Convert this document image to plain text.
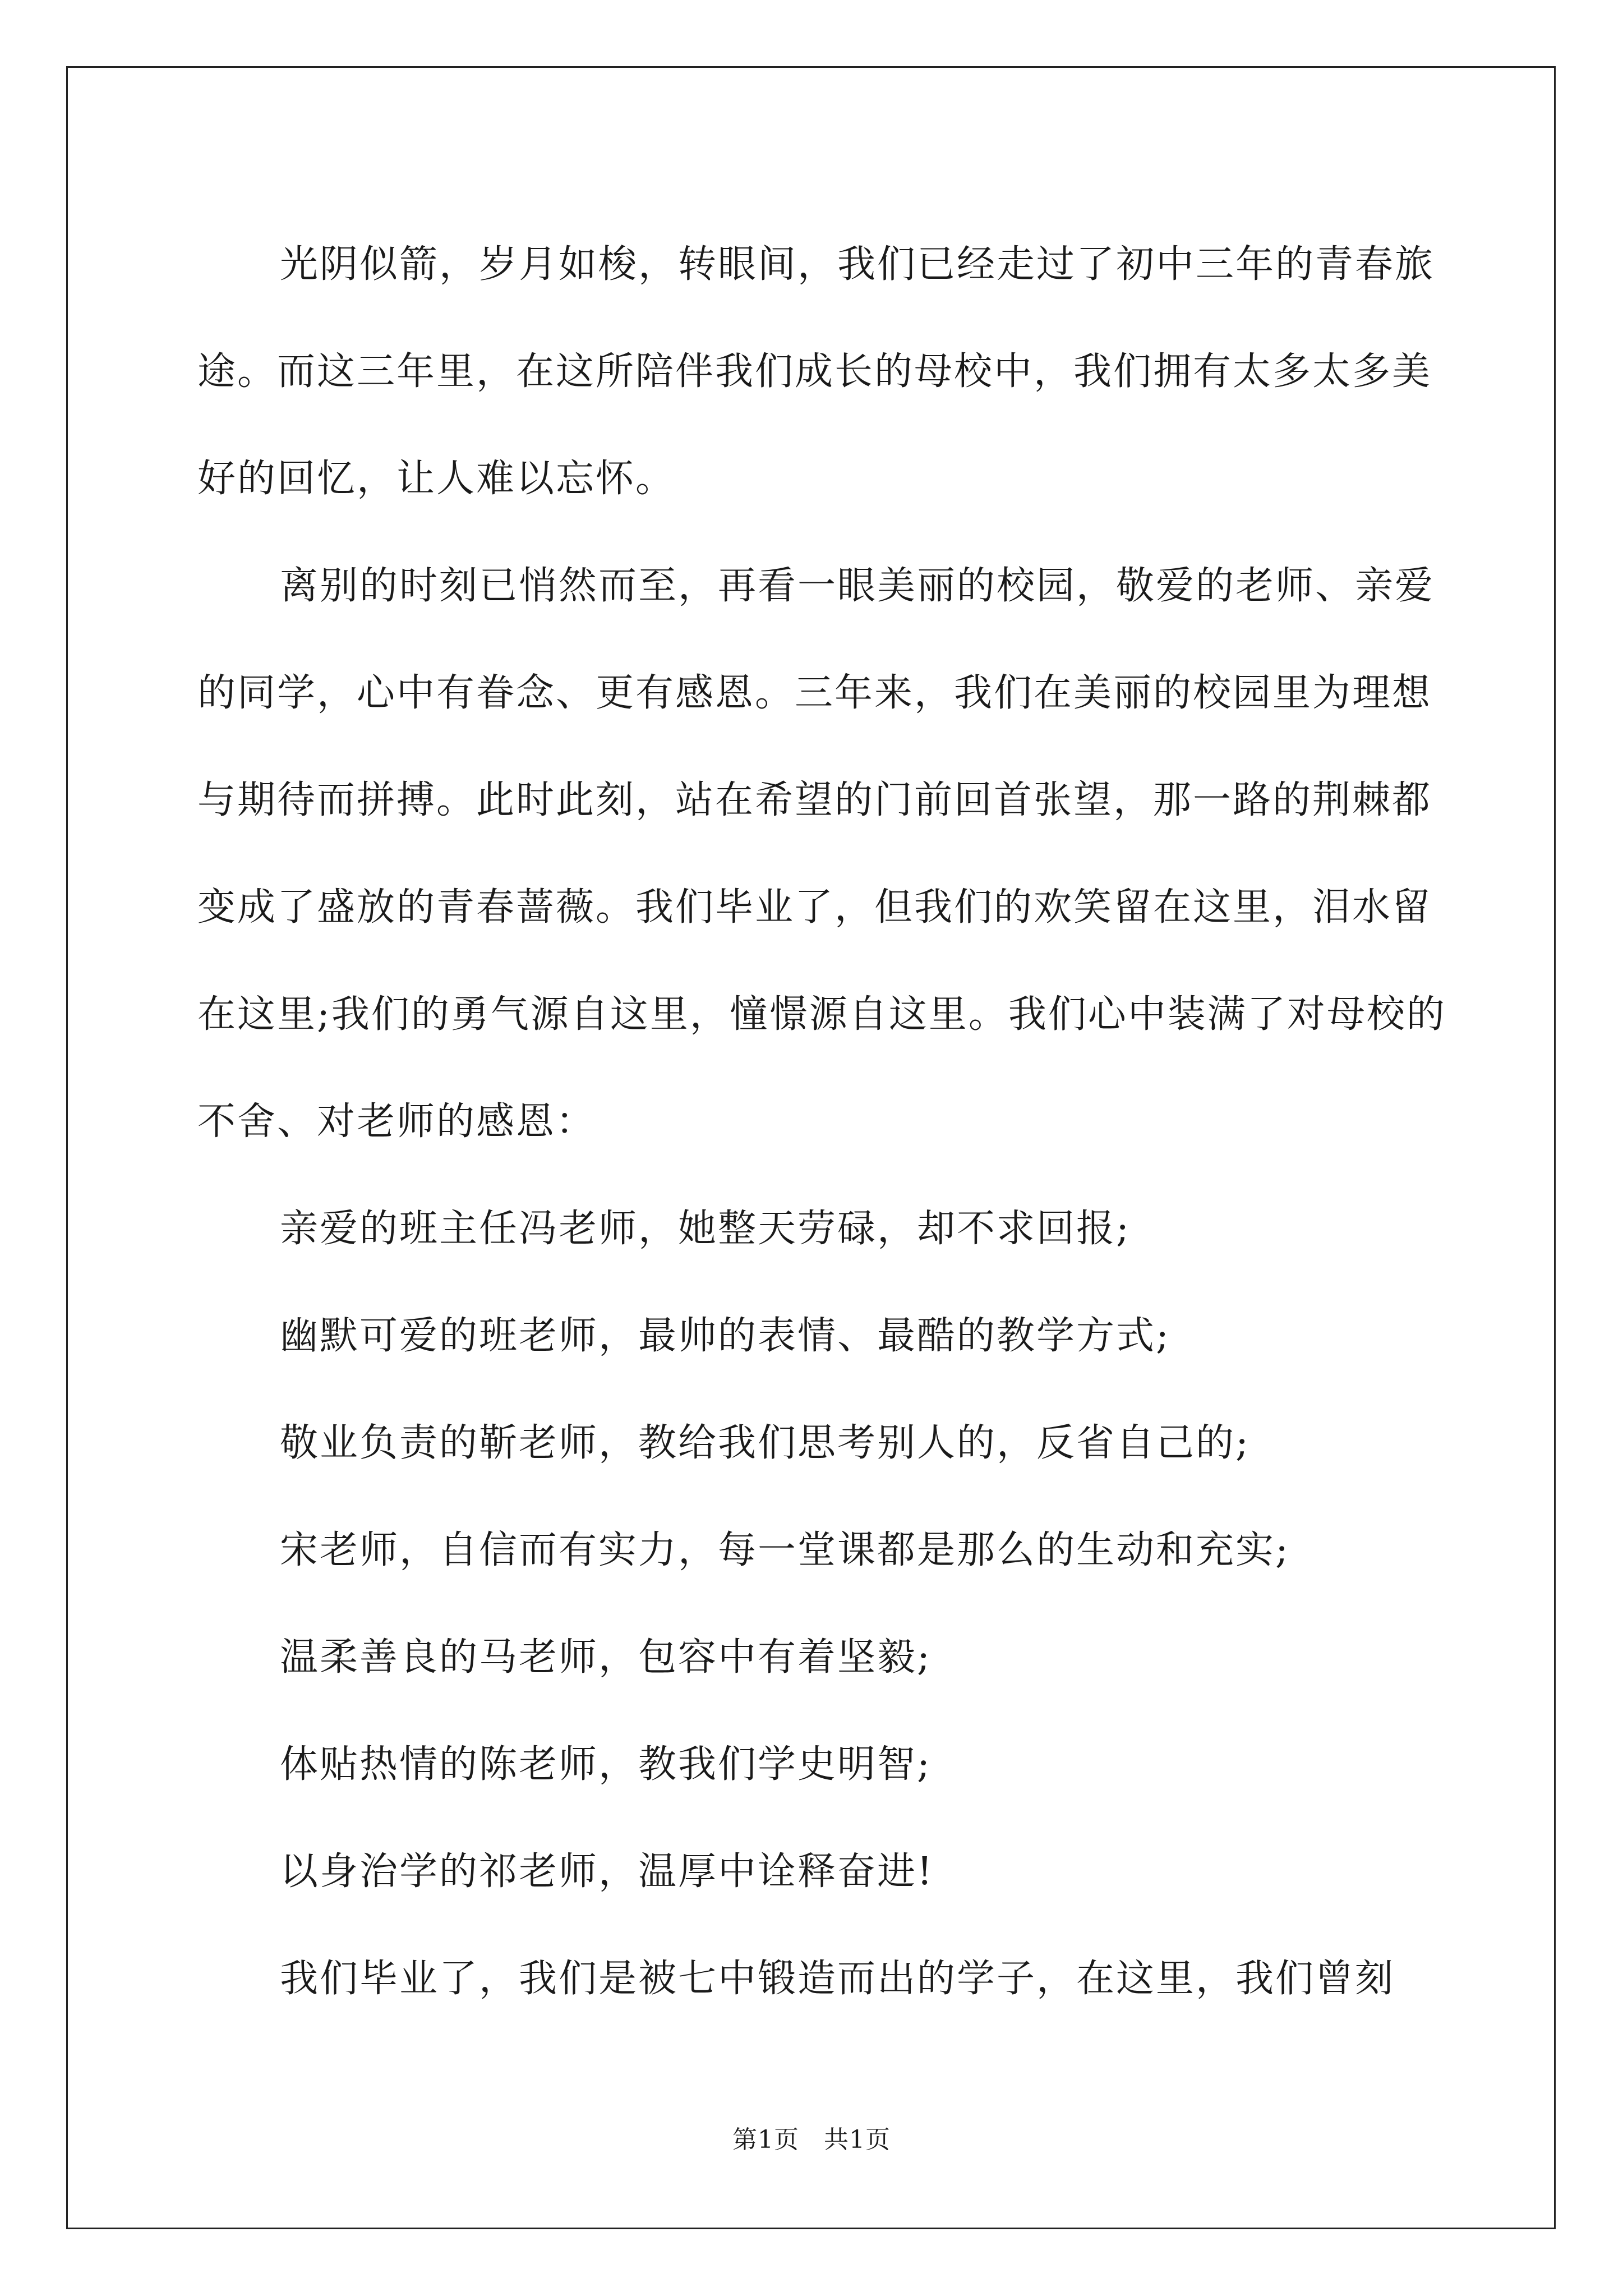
光阴似箭，岁月如梭，转眼间，我们已经走过了初中三年的青春旅途。而这三年里，在这所陪伴我们成长的母校中，我们拥有太多太多美好的回忆，让人难以忘怀。

离别的时刻已悄然而至，再看一眼美丽的校园，敬爱的老师、亲爱的同学，心中有眷念、更有感恩。三年来，我们在美丽的校园里为理想与期待而拼搏。此时此刻，站在希望的门前回首张望，那一路的荆棘都变成了盛放的青春蔷薇。我们毕业了，但我们的欢笑留在这里，泪水留在这里;我们的勇气源自这里，憧憬源自这里。我们心中装满了对母校的不舍、对老师的感恩：

亲爱的班主任冯老师，她整天劳碌，却不求回报;

幽默可爱的班老师，最帅的表情、最酷的教学方式;

敬业负责的靳老师，教给我们思考别人的，反省自己的;

宋老师，自信而有实力，每一堂课都是那么的生动和充实;

温柔善良的马老师，包容中有着坚毅;

体贴热情的陈老师，教我们学史明智;

以身治学的祁老师，温厚中诠释奋进!

我们毕业了，我们是被七中锻造而出的学子，在这里，我们曾刻

第1页 共1页
